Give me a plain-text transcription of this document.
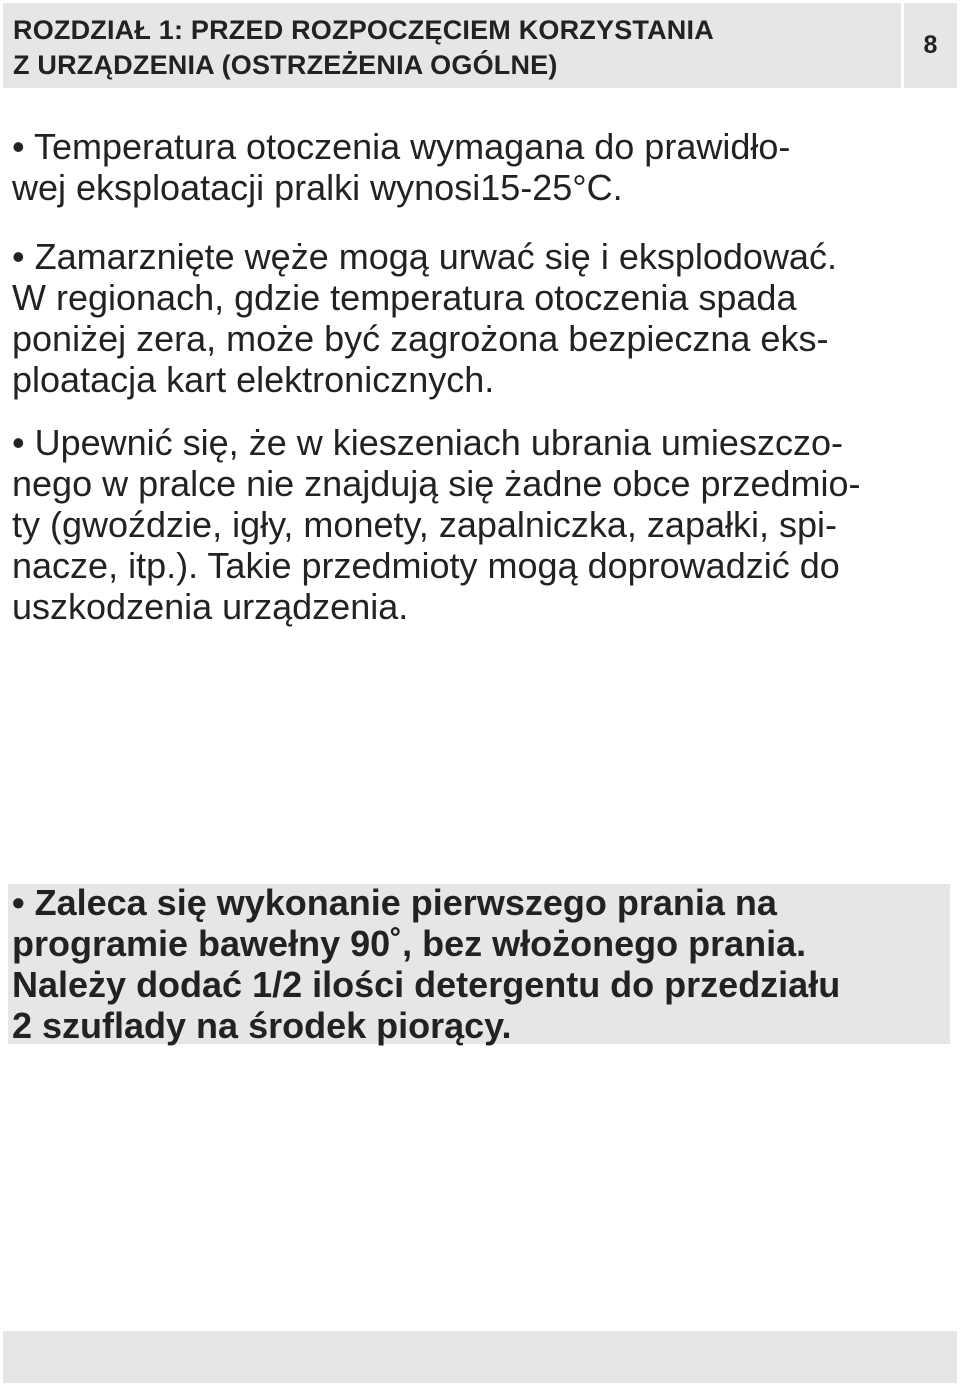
ROZDZIAŁ 1: PRZED ROZPOCZĘCIEM KORZYSTANIA
Z URZĄDZENIA (OSTRZEŻENIA OGÓLNE)
8
• Temperatura otoczenia wymagana do prawidło-
wej eksploatacji pralki wynosi15-25°C.
• Zamarznięte węże mogą urwać się i eksplodować.
W regionach, gdzie temperatura otoczenia spada
poniżej zera, może być zagrożona bezpieczna eks-
ploatacja kart elektronicznych.
• Upewnić się, że w kieszeniach ubrania umieszczo-
nego w pralce nie znajdują się żadne obce przedmio-
ty (gwoździe, igły, monety, zapalniczka, zapałki, spi-
nacze, itp.). Takie przedmioty mogą doprowadzić do
uszkodzenia urządzenia.
• Zaleca się wykonanie pierwszego prania na
programie bawełny 90˚, bez włożonego prania.
Należy dodać 1/2 ilości detergentu do przedziału
2 szuflady na środek piorący.
